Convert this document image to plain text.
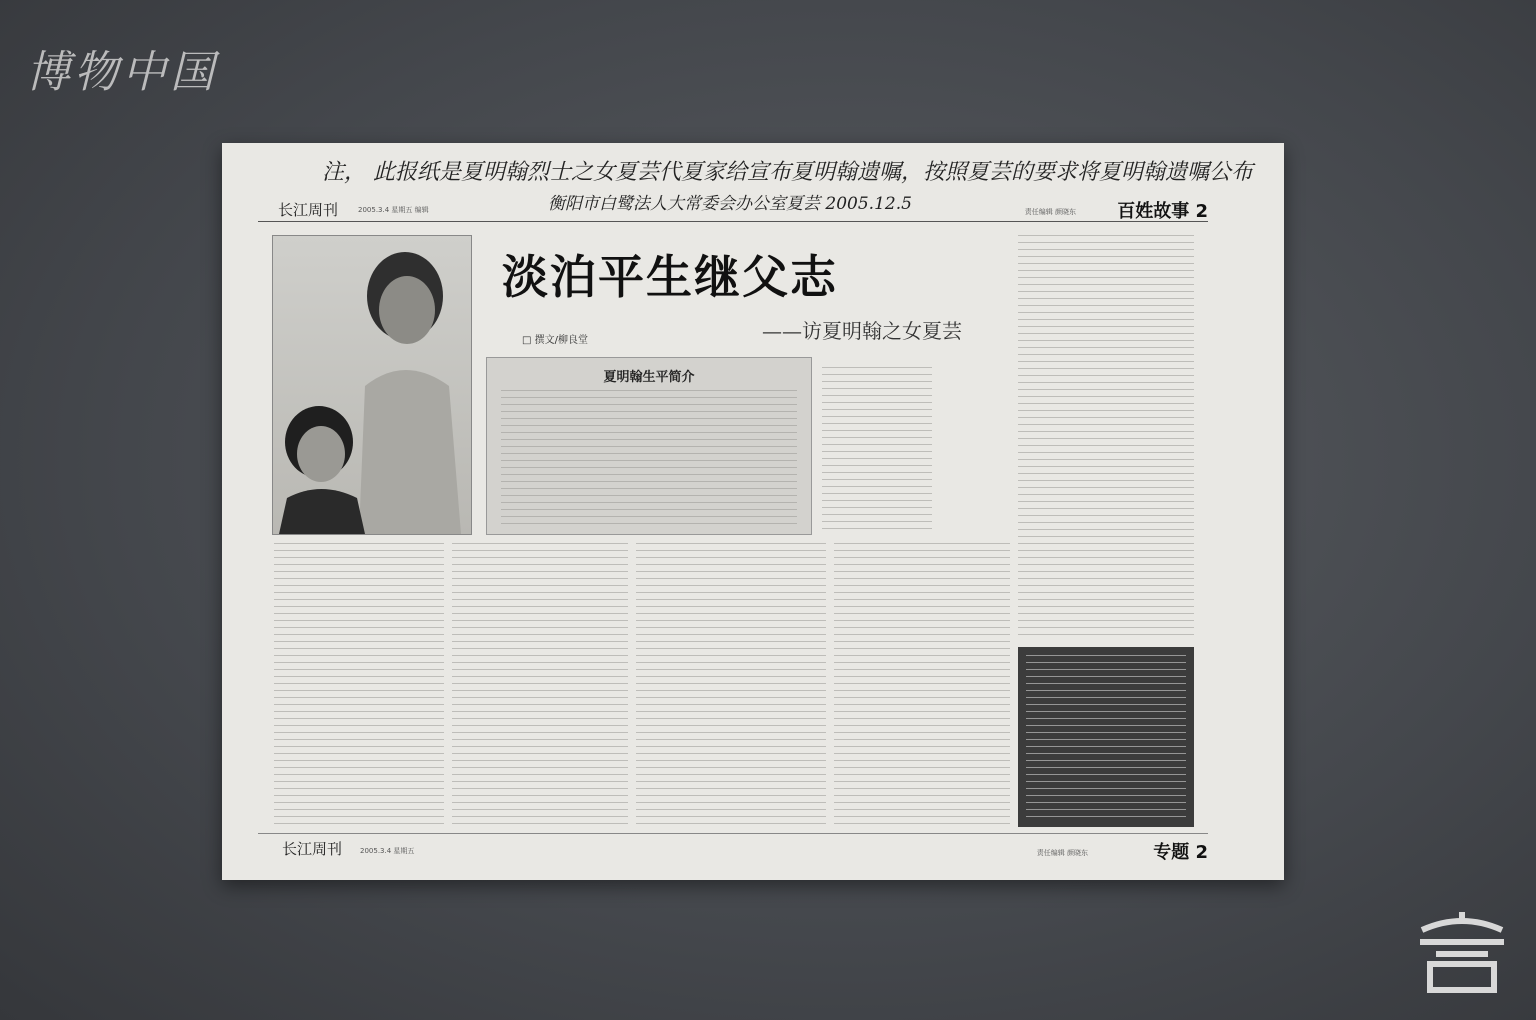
博物中国
注， 此报纸是夏明翰烈士之女夏芸代夏家给宣布夏明翰遗嘱，按照夏芸的要求将夏明翰遗嘱公布
衡阳市白鹭法人大常委会办公室夏芸 2005.12.5
长江周刊	2005.3.4 星期五 编辑	责任编辑 颜晓东 百姓故事 2
淡泊平生继父志
——访夏明翰之女夏芸
□ 撰文/柳良堂
夏明翰生平简介
长江周刊	2005.3.4 星期五	责任编辑 颜晓东	专题 2
